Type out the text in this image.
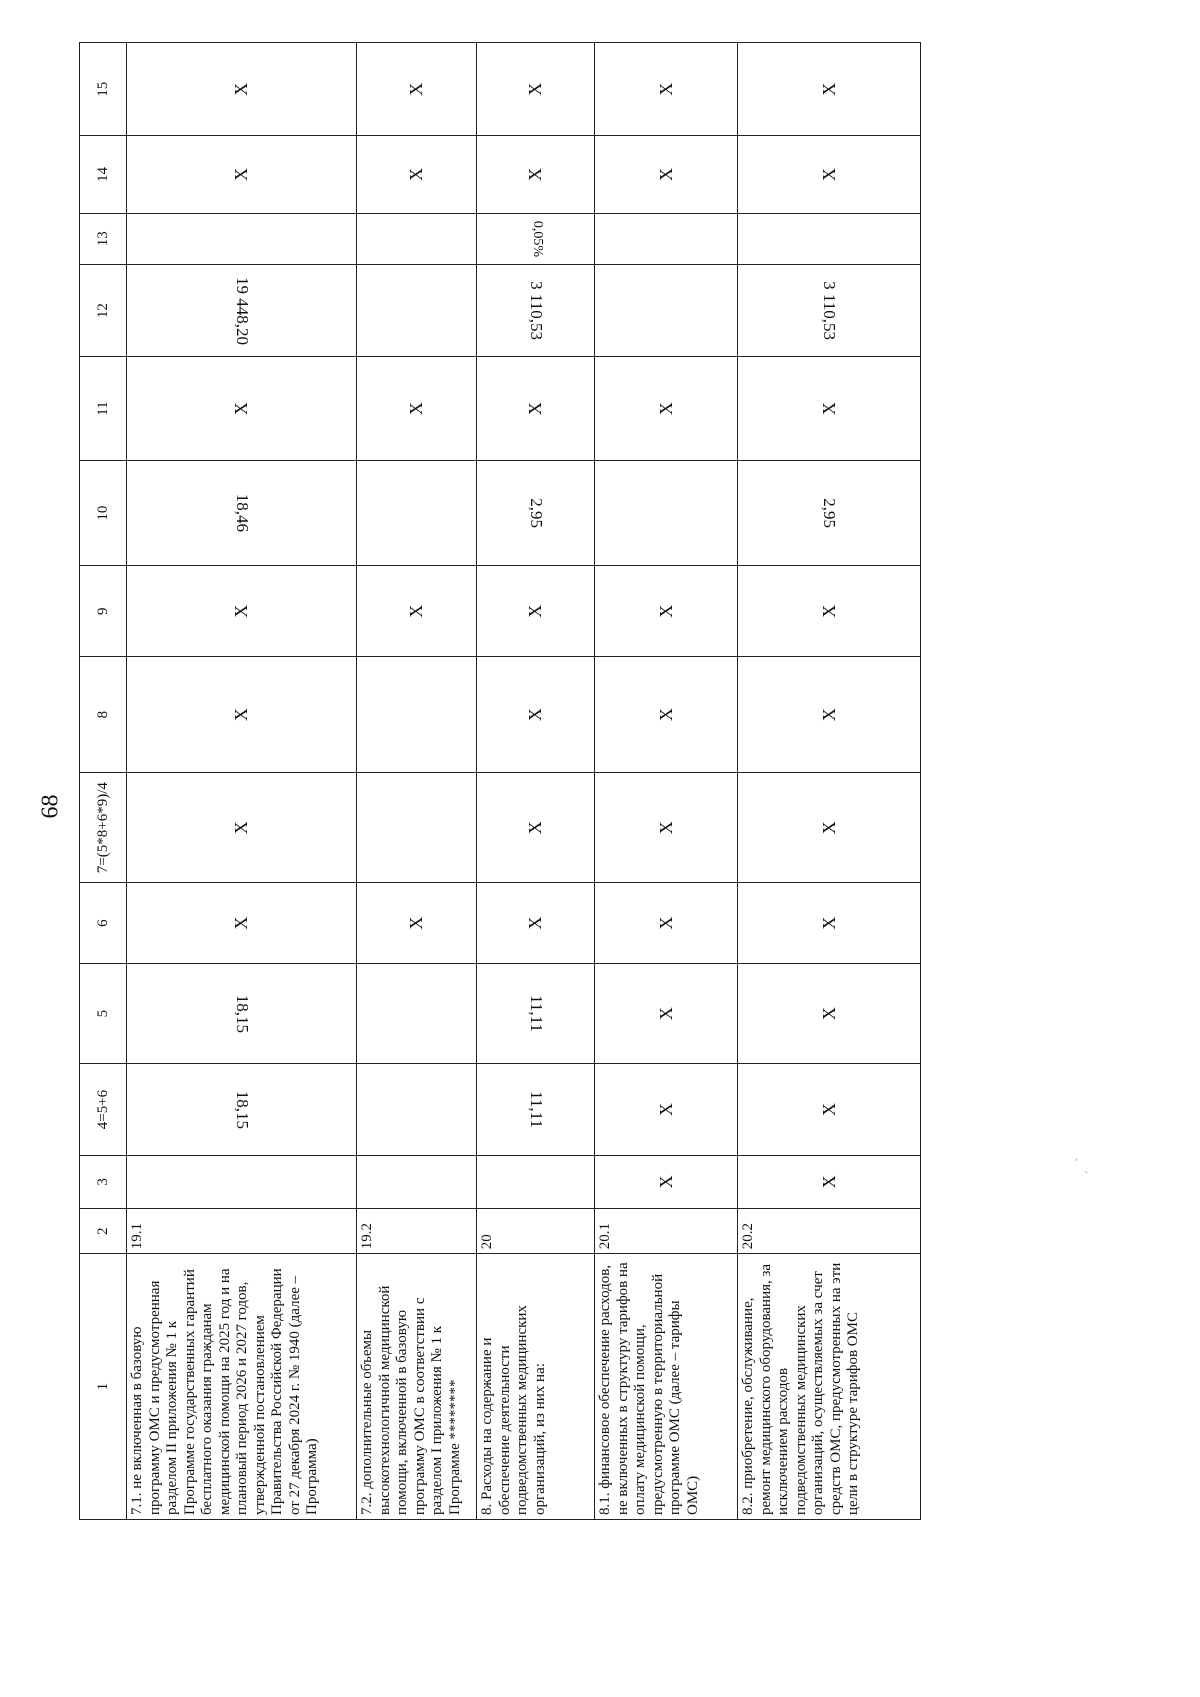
68
´ ˎ
1	2	3	4=5+6	5	6	7=(5*8+6*9)/4	8	9	10	11	12	13	14	15
7.1. не включенная в базовую программу ОМС и предусмотренная разделом II приложения № 1 к Программе государственных гарантий бесплатного оказания гражданам медицинской помощи на 2025 год и на плановый период 2026 и 2027 годов, утвержденной постановлением Правительства Российской Федерации от 27 декабря 2024 г. № 1940 (далее – Программа)	19.1		18,15	18,15	X	X	X	X	18,46	X	19 448,20		X	X
7.2. дополнительные объемы высокотехнологичной медицинской помощи, включенной в базовую программу ОМС в соответствии с разделом I приложения № 1 к Программе ********	19.2				X			X		X			X	X
8. Расходы на содержание и обеспечение деятельности подведомственных медицинских организаций, из них на:	20		11,11	11,11	X	X	X	X	2,95	X	3 110,53	0,05%	X	X
8.1. финансовое обеспечение расходов, не включенных в структуру тарифов на оплату медицинской помощи, предусмотренную в территориальной программе ОМС (далее – тарифы ОМС)	20.1	X	X	X	X	X	X	X		X			X	X
8.2. приобретение, обслуживание, ремонт медицинского оборудования, за исключением расходов подведомственных медицинских организаций, осуществляемых за счет средств ОМС, предусмотренных на эти цели в структуре тарифов ОМС	20.2	X	X	X	X	X	X	X	2,95	X	3 110,53		X	X
